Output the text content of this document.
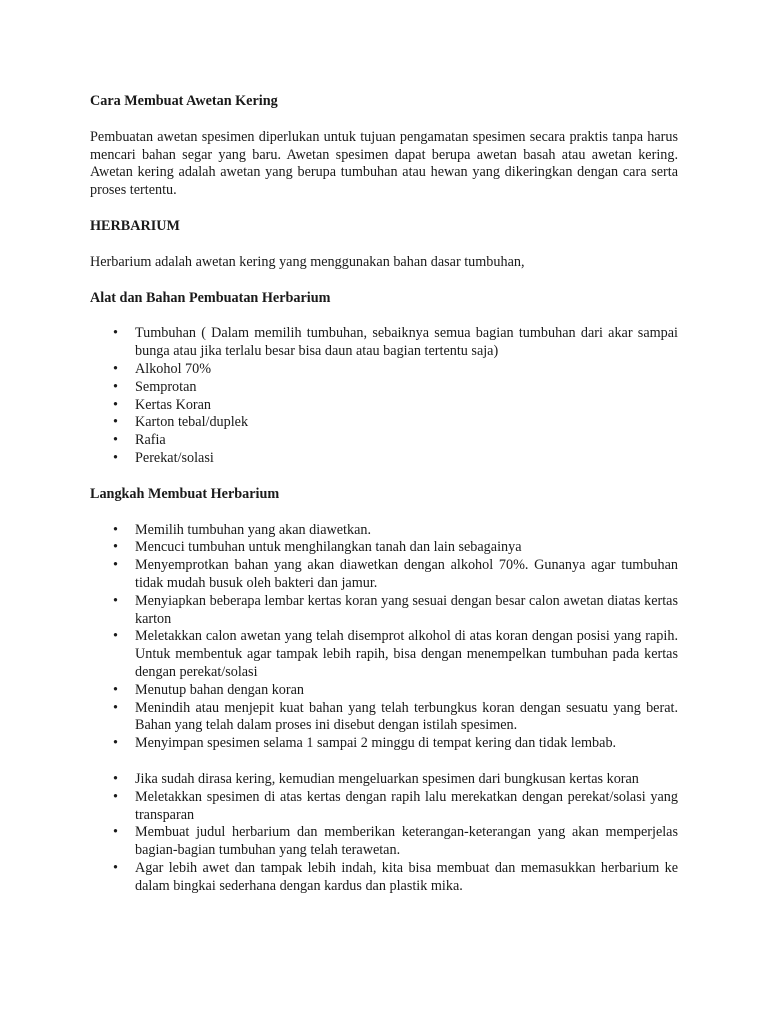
Cara Membuat Awetan Kering

Pembuatan awetan spesimen diperlukan untuk tujuan pengamatan spesimen secara praktis tanpa harus mencari bahan segar yang baru. Awetan spesimen dapat berupa awetan basah atau awetan kering. Awetan kering adalah awetan yang berupa tumbuhan atau hewan yang dikeringkan dengan cara serta proses tertentu.

HERBARIUM

Herbarium adalah awetan kering yang menggunakan bahan dasar tumbuhan,

Alat dan Bahan Pembuatan Herbarium

• Tumbuhan ( Dalam memilih tumbuhan, sebaiknya semua bagian tumbuhan dari akar sampai bunga atau jika terlalu besar bisa daun atau bagian tertentu saja)
• Alkohol 70%
• Semprotan
• Kertas Koran
• Karton tebal/duplek
• Rafia
• Perekat/solasi

Langkah Membuat Herbarium

• Memilih tumbuhan yang akan diawetkan.
• Mencuci tumbuhan untuk menghilangkan tanah dan lain sebagainya
• Menyemprotkan bahan yang akan diawetkan dengan alkohol 70%. Gunanya agar tumbuhan tidak mudah busuk oleh bakteri dan jamur.
• Menyiapkan beberapa lembar kertas koran yang sesuai dengan besar calon awetan diatas kertas karton
• Meletakkan calon awetan yang telah disemprot alkohol di atas koran dengan posisi yang rapih. Untuk membentuk agar tampak lebih rapih, bisa dengan menempelkan tumbuhan pada kertas dengan perekat/solasi
• Menutup bahan dengan koran
• Menindih atau menjepit kuat bahan yang telah terbungkus koran dengan sesuatu yang berat. Bahan yang telah dalam proses ini disebut dengan istilah spesimen.
• Menyimpan spesimen selama 1 sampai 2 minggu di tempat kering dan tidak lembab.
• Jika sudah dirasa kering, kemudian mengeluarkan spesimen dari bungkusan kertas koran
• Meletakkan spesimen di atas kertas dengan rapih lalu merekatkan dengan perekat/solasi yang transparan
• Membuat judul herbarium dan memberikan keterangan-keterangan yang akan memperjelas bagian-bagian tumbuhan yang telah terawetan.
• Agar lebih awet dan tampak lebih indah, kita bisa membuat dan memasukkan herbarium ke dalam bingkai sederhana dengan kardus dan plastik mika.
